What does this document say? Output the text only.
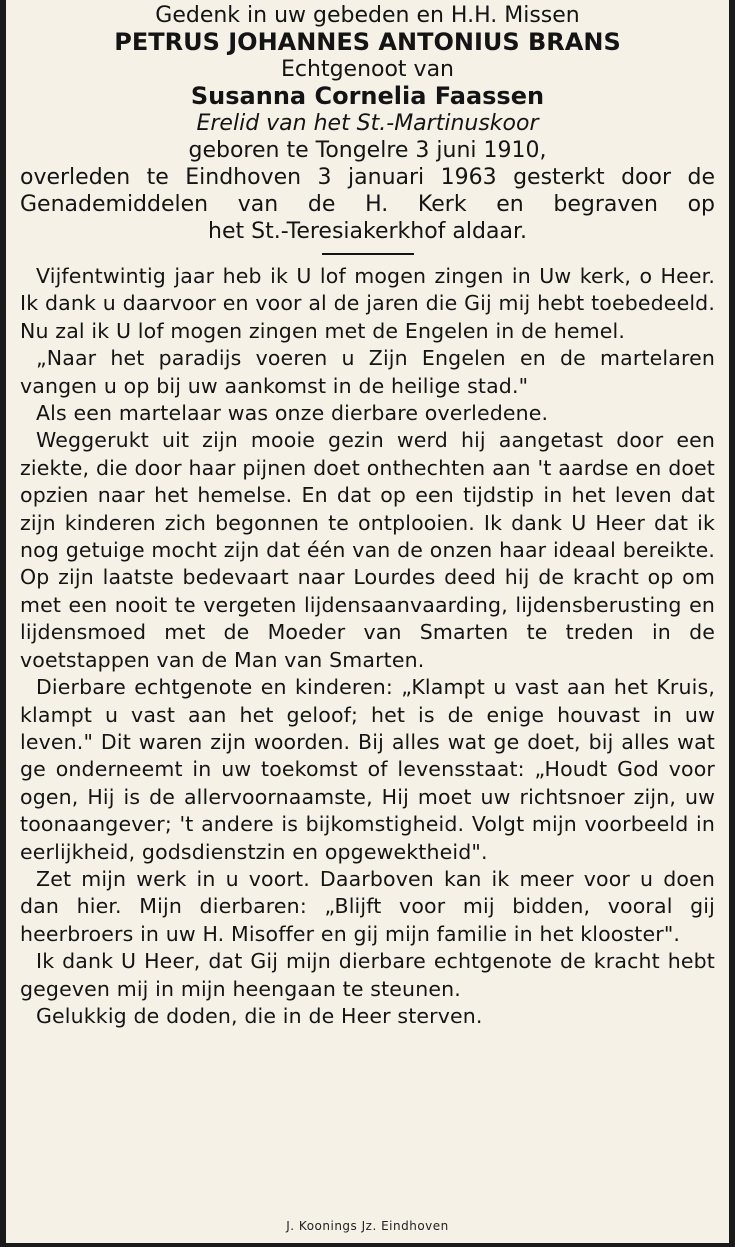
Gedenk in uw gebeden en H.H. Missen
PETRUS JOHANNES ANTONIUS BRANS
Echtgenoot van
Susanna Cornelia Faassen
Erelid van het St.-Martinuskoor
geboren te Tongelre 3 juni 1910,
overleden te Eindhoven 3 januari 1963 gesterkt door de
Genademiddelen van de H. Kerk en begraven op
het St.-Teresiakerkhof aldaar.

Vijfentwintig jaar heb ik U lof mogen zingen in Uw kerk, o Heer. Ik dank u daarvoor en voor al de jaren die Gij mij hebt toebedeeld. Nu zal ik U lof mogen zingen met de Engelen in de hemel.

„Naar het paradijs voeren u Zijn Engelen en de martelaren vangen u op bij uw aankomst in de heilige stad."

Als een martelaar was onze dierbare overledene.

Weggerukt uit zijn mooie gezin werd hij aangetast door een ziekte, die door haar pijnen doet onthechten aan 't aardse en doet opzien naar het hemelse. En dat op een tijdstip in het leven dat zijn kinderen zich begonnen te ontplooien. Ik dank U Heer dat ik nog getuige mocht zijn dat één van de onzen haar ideaal bereikte. Op zijn laatste bedevaart naar Lourdes deed hij de kracht op om met een nooit te vergeten lijdensaanvaarding, lijdensberusting en lijdensmoed met de Moeder van Smarten te treden in de voetstappen van de Man van Smarten.

Dierbare echtgenote en kinderen: „Klampt u vast aan het Kruis, klampt u vast aan het geloof; het is de enige houvast in uw leven." Dit waren zijn woorden. Bij alles wat ge doet, bij alles wat ge onderneemt in uw toekomst of levensstaat: „Houdt God voor ogen, Hij is de allervoornaamste, Hij moet uw richtsnoer zijn, uw toonaangever; 't andere is bijkomstigheid. Volgt mijn voorbeeld in eerlijkheid, godsdienstzin en opgewektheid".

Zet mijn werk in u voort. Daarboven kan ik meer voor u doen dan hier. Mijn dierbaren: „Blijft voor mij bidden, vooral gij heerbroers in uw H. Misoffer en gij mijn familie in het klooster".

Ik dank U Heer, dat Gij mijn dierbare echtgenote de kracht hebt gegeven mij in mijn heengaan te steunen.

Gelukkig de doden, die in de Heer sterven.

J. Koonings Jz. Eindhoven
